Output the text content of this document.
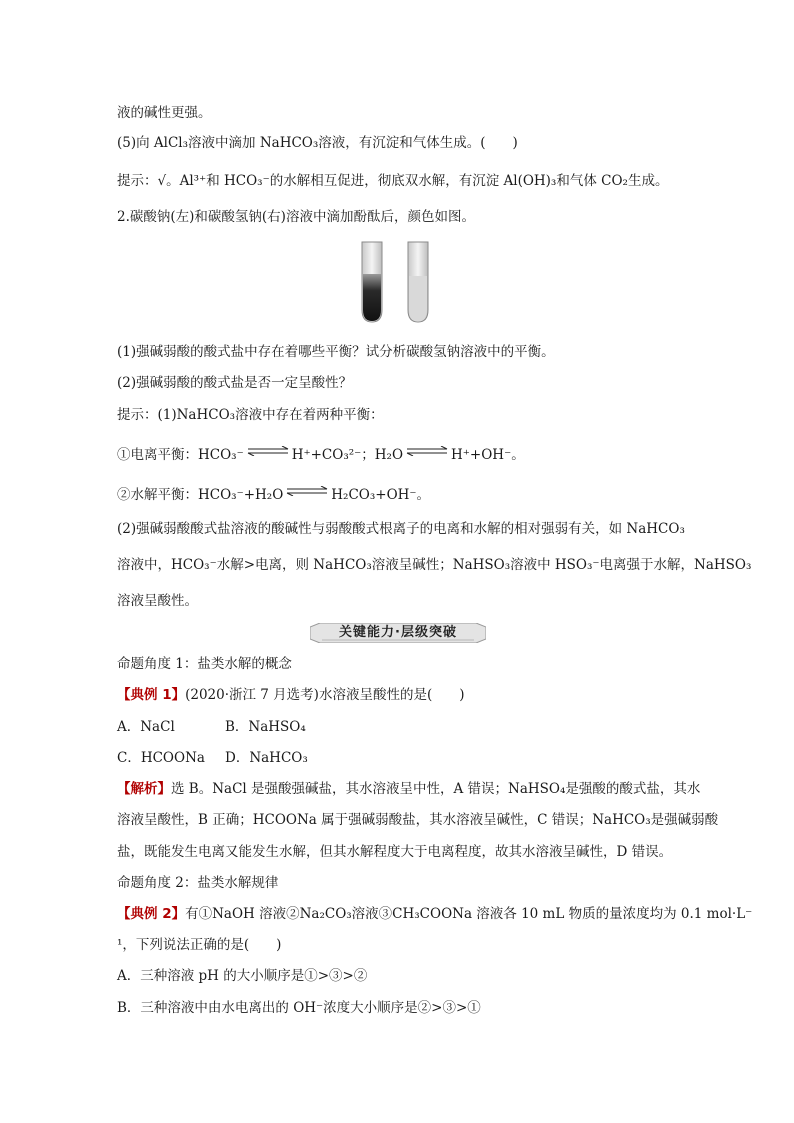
液的碱性更强。
(5)向 AlCl₃溶液中滴加 NaHCO₃溶液，有沉淀和气体生成。(　　)
提示：√。Al³⁺和 HCO₃⁻的水解相互促进，彻底双水解，有沉淀 Al(OH)₃和气体 CO₂生成。
2.碳酸钠(左)和碳酸氢钠(右)溶液中滴加酚酞后，颜色如图。
(1)强碱弱酸的酸式盐中存在着哪些平衡？试分析碳酸氢钠溶液中的平衡。
(2)强碱弱酸的酸式盐是否一定呈酸性？
提示：(1)NaHCO₃溶液中存在着两种平衡：
①电离平衡：HCO₃⁻ ⇌ H⁺+CO₃²⁻；H₂O ⇌ H⁺+OH⁻。
②水解平衡：HCO₃⁻+H₂O ⇌ H₂CO₃+OH⁻。
(2)强碱弱酸酸式盐溶液的酸碱性与弱酸酸式根离子的电离和水解的相对强弱有关，如 NaHCO₃
溶液中，HCO₃⁻水解>电离，则 NaHCO₃溶液呈碱性；NaHSO₃溶液中 HSO₃⁻电离强于水解，NaHSO₃
溶液呈酸性。
关键能力·层级突破
命题角度 1：盐类水解的概念
【典例 1】(2020·浙江 7 月选考)水溶液呈酸性的是(　　)
A．NaCl	B．NaHSO₄
C．HCOONa D．NaHCO₃
【解析】选 B。NaCl 是强酸强碱盐，其水溶液呈中性，A 错误；NaHSO₄是强酸的酸式盐，其水
溶液呈酸性，B 正确；HCOONa 属于强碱弱酸盐，其水溶液呈碱性，C 错误；NaHCO₃是强碱弱酸
盐，既能发生电离又能发生水解，但其水解程度大于电离程度，故其水溶液呈碱性，D 错误。
命题角度 2：盐类水解规律
【典例 2】有①NaOH 溶液②Na₂CO₃溶液③CH₃COONa 溶液各 10 mL 物质的量浓度均为 0.1 mol·L⁻
¹，下列说法正确的是(　　)
A．三种溶液 pH 的大小顺序是①>③>②
B．三种溶液中由水电离出的 OH⁻浓度大小顺序是②>③>①
